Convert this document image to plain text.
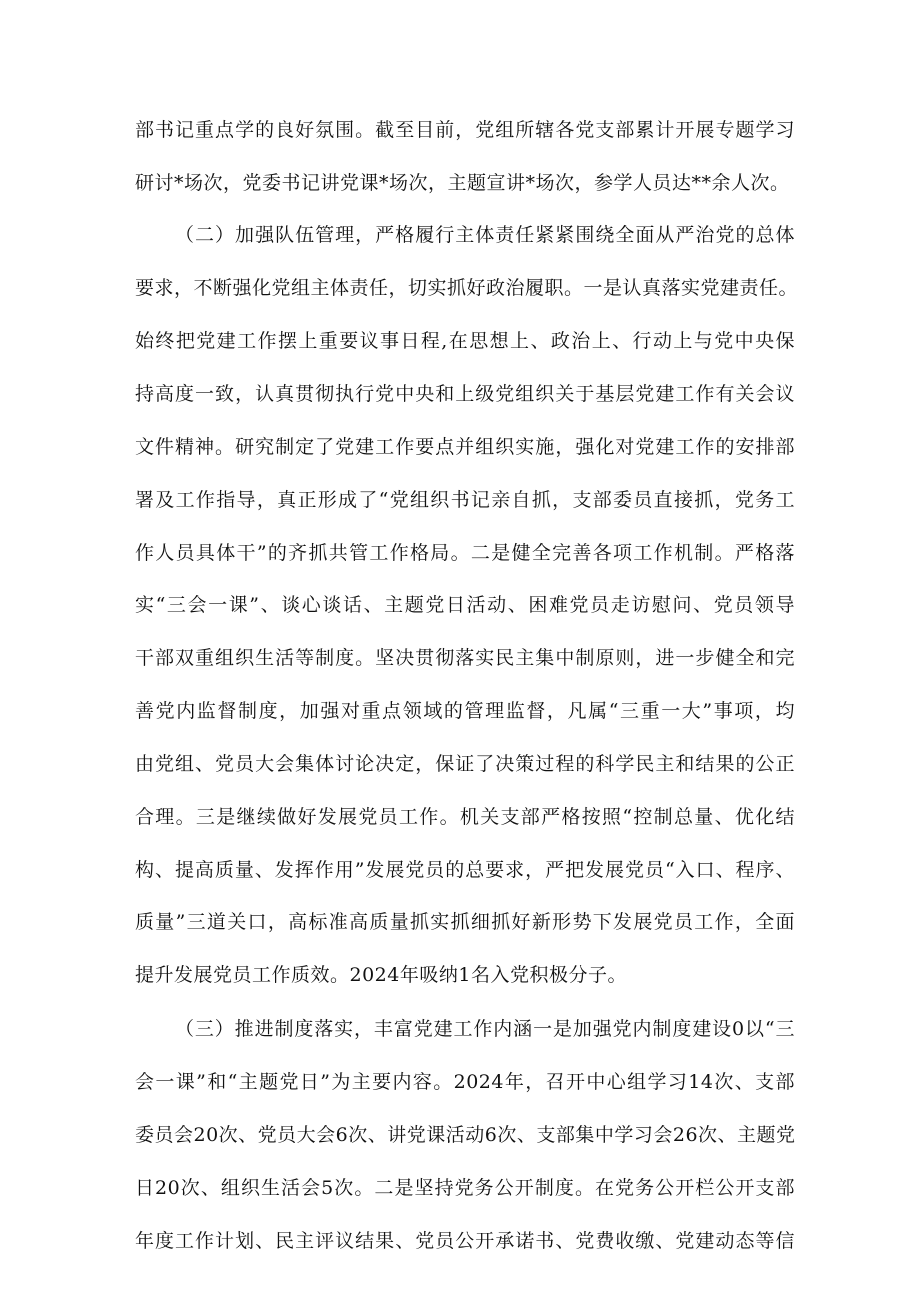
部书记重点学的良好氛围。截至目前，党组所辖各党支部累计开展专题学习
研讨*场次，党委书记讲党课*场次，主题宣讲*场次，参学人员达**余人次。
（二）加强队伍管理，严格履行主体责任紧紧围绕全面从严治党的总体
要求，不断强化党组主体责任，切实抓好政治履职。一是认真落实党建责任。
始终把党建工作摆上重要议事日程,在思想上、政治上、行动上与党中央保
持高度一致，认真贯彻执行党中央和上级党组织关于基层党建工作有关会议
文件精神。研究制定了党建工作要点并组织实施，强化对党建工作的安排部
署及工作指导，真正形成了“党组织书记亲自抓，支部委员直接抓，党务工
作人员具体干”的齐抓共管工作格局。二是健全完善各项工作机制。严格落
实“三会一课”、谈心谈话、主题党日活动、困难党员走访慰问、党员领导
干部双重组织生活等制度。坚决贯彻落实民主集中制原则，进一步健全和完
善党内监督制度，加强对重点领域的管理监督，凡属“三重一大”事项，均
由党组、党员大会集体讨论决定，保证了决策过程的科学民主和结果的公正
合理。三是继续做好发展党员工作。机关支部严格按照“控制总量、优化结
构、提高质量、发挥作用”发展党员的总要求，严把发展党员“入口、程序、
质量”三道关口，高标准高质量抓实抓细抓好新形势下发展党员工作，全面
提升发展党员工作质效。2024年吸纳1名入党积极分子。
（三）推进制度落实，丰富党建工作内涵一是加强党内制度建设0以“三
会一课”和“主题党日”为主要内容。2024年，召开中心组学习14次、支部
委员会20次、党员大会6次、讲党课活动6次、支部集中学习会26次、主题党
日20次、组织生活会5次。二是坚持党务公开制度。在党务公开栏公开支部
年度工作计划、民主评议结果、党员公开承诺书、党费收缴、党建动态等信
